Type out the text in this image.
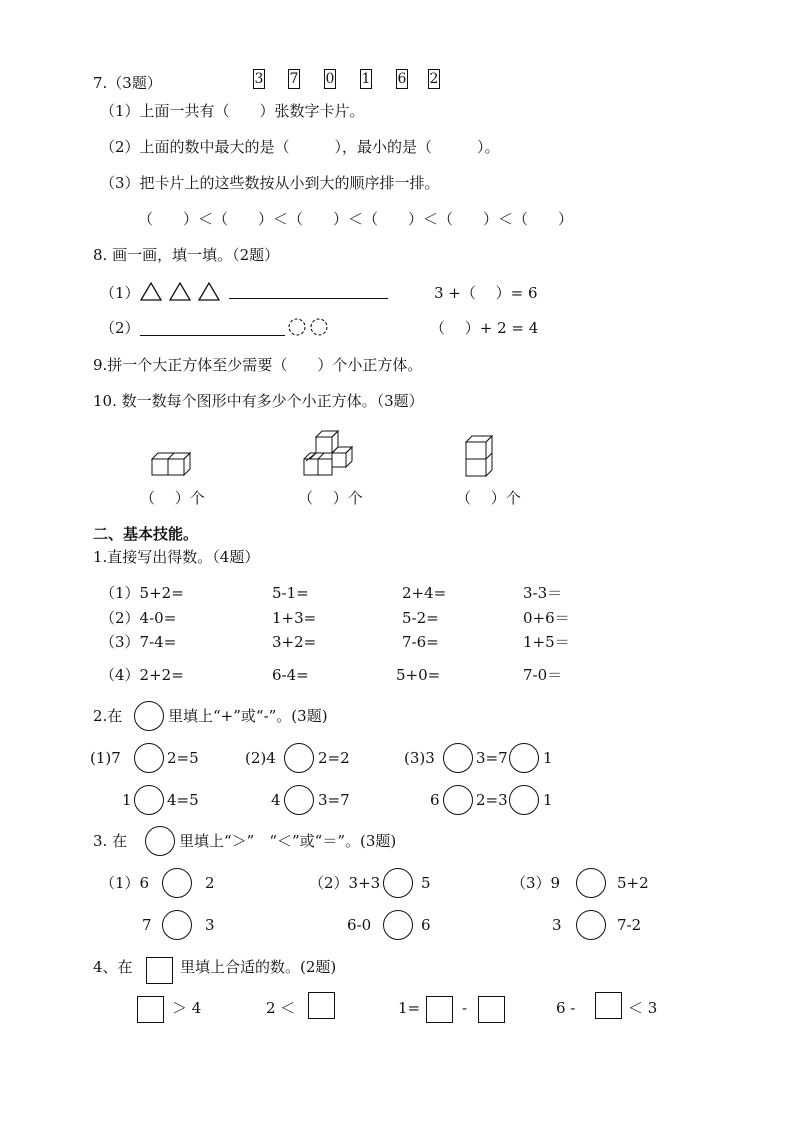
7.（3题）	3 7 0 1 6 2
（1）上面一共有（　　）张数字卡片。
（2）上面的数中最大的是（　　　），最小的是（　　　）。
（3）把卡片上的这些数按从小到大的顺序排一排。
（　　）＜（　　）＜（　　）＜（　　）＜（　　）＜（　　）
8. 画一画，填一填。（2题）
（1）	3 +（　 ）= 6
（2）	（　 ）+ 2 = 4
9.拼一个大正方体至少需要（　　）个小正方体。
10. 数一数每个图形中有多少个小正方体。（3题）
（　 ）个	（　 ）个	（　 ）个
二、基本技能。
1.直接写出得数。（4题）
（1）5+2=	5-1=	2+4=	3-3＝
（2）4-0=	1+3=	5-2=	0+6＝
（3）7-4=	3+2=	7-6=	1+5＝
（4）2+2=	6-4=	5+0=	7-0＝
2.在	里填上“+”或“-”。(3题)
(1)7	2=5	(2)4	2=2	(3)3	3=7 1
1 4=5	4 3=7	6 2=3 1
3. 在	里填上“＞”　“＜”或“＝”。(3题)
（1）6	2	（2）3+3	5	（3）9	5+2
7	3	6-0	6	3	7-2
4、在	里填上合适的数。(2题)
＞ 4	2 ＜	1=	-	6 -	＜ 3
